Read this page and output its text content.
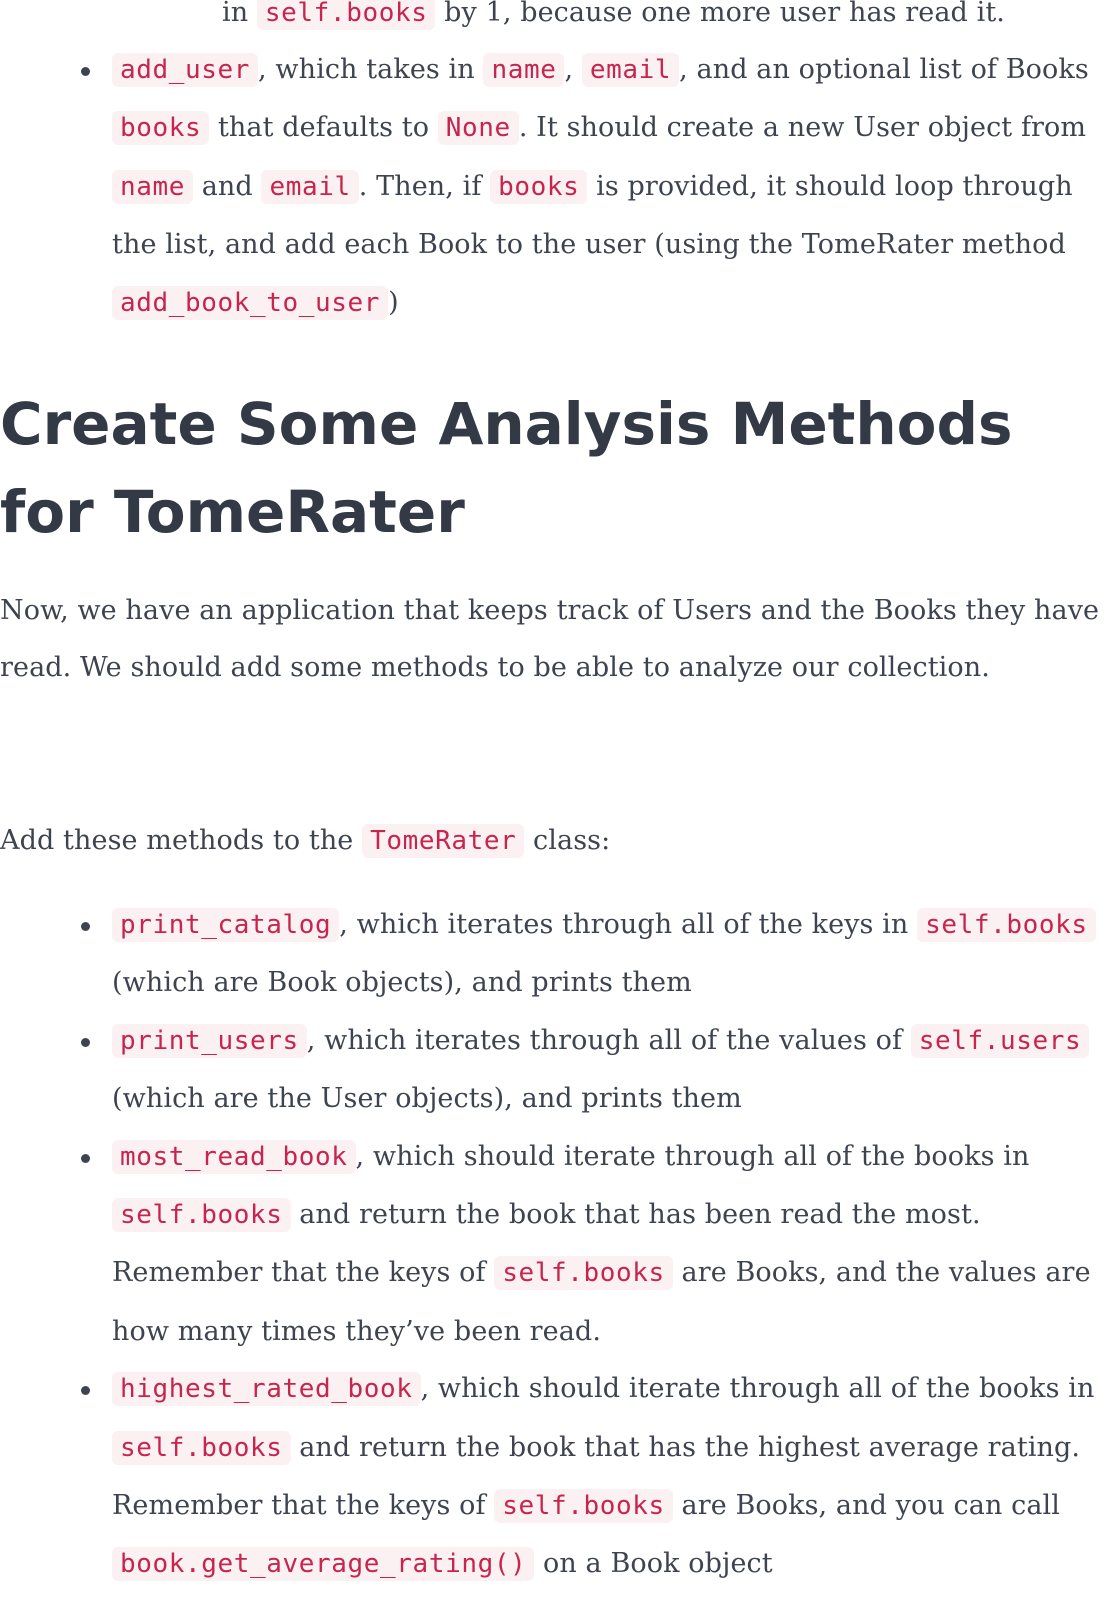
in self.books by 1, because one more user has read it.
add_user , which takes in name , email , and an optional list of Books books that defaults to None . It should create a new User object from name and email . Then, if books is provided, it should loop through the list, and add each Book to the user (using the TomeRater method add_book_to_user )
Create Some Analysis Methods for TomeRater

Now, we have an application that keeps track of Users and the Books they have read. We should add some methods to be able to analyze our collection.

Add these methods to the TomeRater class:

print_catalog , which iterates through all of the keys in self.books (which are Book objects), and prints them
print_users , which iterates through all of the values of self.users (which are the User objects), and prints them
most_read_book , which should iterate through all of the books in self.books and return the book that has been read the most. Remember that the keys of self.books are Books, and the values are how many times they’ve been read.
highest_rated_book , which should iterate through all of the books in self.books and return the book that has the highest average rating. Remember that the keys of self.books are Books, and you can call book.get_average_rating() on a Book object
